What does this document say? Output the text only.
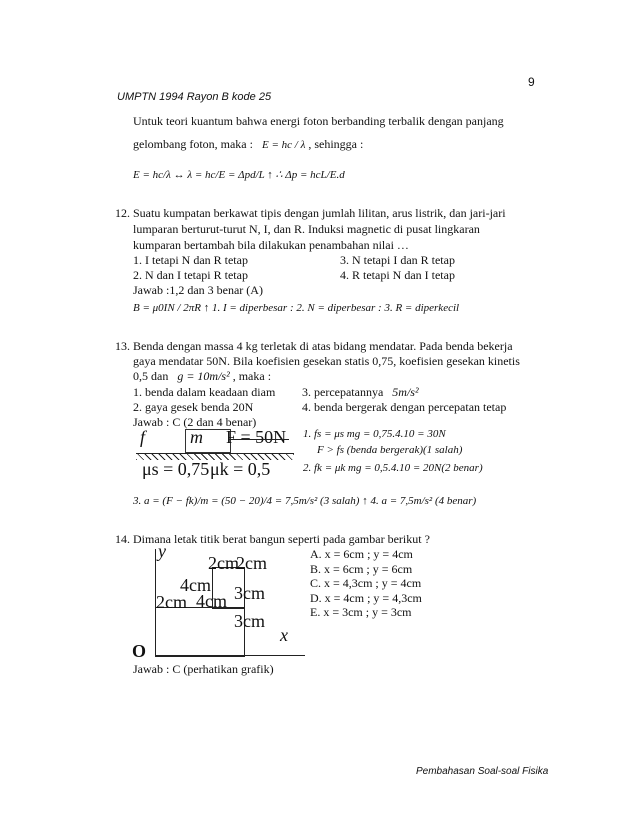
9
UMPTN 1994 Rayon B kode 25
Untuk teori kuantum bahwa energi foton berbanding terbalik dengan panjang
gelombang foton, maka : E = hc / λ , sehingga :
E = hc/λ ↔ λ = hc/E = Δpd/L ↑ ∴ Δp = hcL/E.d
12. Suatu kumpatan berkawat tipis dengan jumlah lilitan, arus listrik, dan jari-jari
lumparan berturut-turut N, I, dan R. Induksi magnetic di pusat lingkaran
kumparan bertambah bila dilakukan penambahan nilai …
1. I tetapi N dan R tetap	3. N tetapi I dan R tetap
2. N dan I tetapi R tetap	4. R tetapi N dan I tetap
Jawab :1,2 dan 3 benar (A)
B = μ0IN / 2πR ↑ 1. I = diperbesar : 2. N = diperbesar : 3. R = diperkecil
13. Benda dengan massa 4 kg terletak di atas bidang mendatar. Pada benda bekerja
gaya mendatar 50N. Bila koefisien gesekan statis 0,75, koefisien gesekan kinetis
0,5 dan g = 10m/s² , maka :
1. benda dalam keadaan diam 3. percepatannya 5m/s²
2. gaya gesek benda 20N	4. benda bergerak dengan percepatan tetap
Jawab : C (2 dan 4 benar)
f m F = 50N
μs = 0,75 μk = 0,5
1. fs = μs mg = 0,75.4.10 = 30N
F > fs (benda bergerak)(1 salah)
2. fk = μk mg = 0,5.4.10 = 20N(2 benar)
3. a = (F − fk)/m = (50 − 20)/4 = 7,5m/s² (3 salah) ↑ 4. a = 7,5m/s² (4 benar)
14. Dimana letak titik berat bangun seperti pada gambar berikut ?
A. x = 6cm ; y = 4cm
B. x = 6cm ; y = 6cm
C. x = 4,3cm ; y = 4cm
D. x = 4cm ; y = 4,3cm
E. x = 3cm ; y = 3cm
y
x
O
2cm
2cm
4cm 3cm
2cm 4cm
3cm
Jawab : C (perhatikan grafik)
Pembahasan Soal-soal Fisika
